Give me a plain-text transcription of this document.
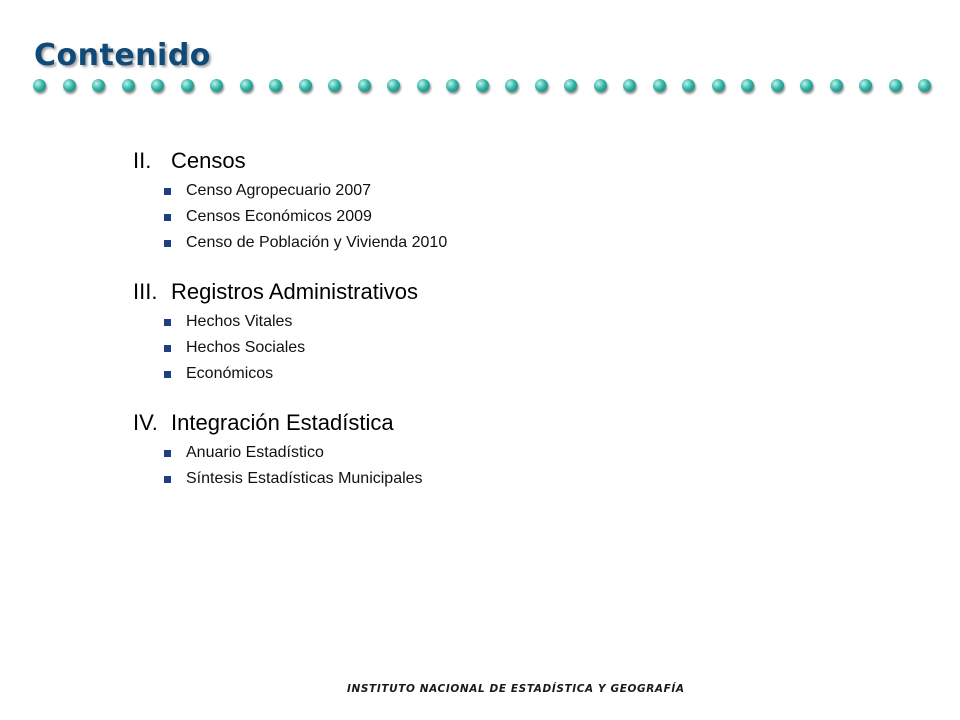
Contenido
II. Censos
Censo Agropecuario 2007
Censos Económicos 2009
Censo de Población y Vivienda 2010
III. Registros Administrativos
Hechos Vitales
Hechos Sociales
Económicos
IV. Integración Estadística
Anuario Estadístico
Síntesis Estadísticas Municipales
INSTITUTO NACIONAL DE ESTADÍSTICA Y GEOGRAFÍA
